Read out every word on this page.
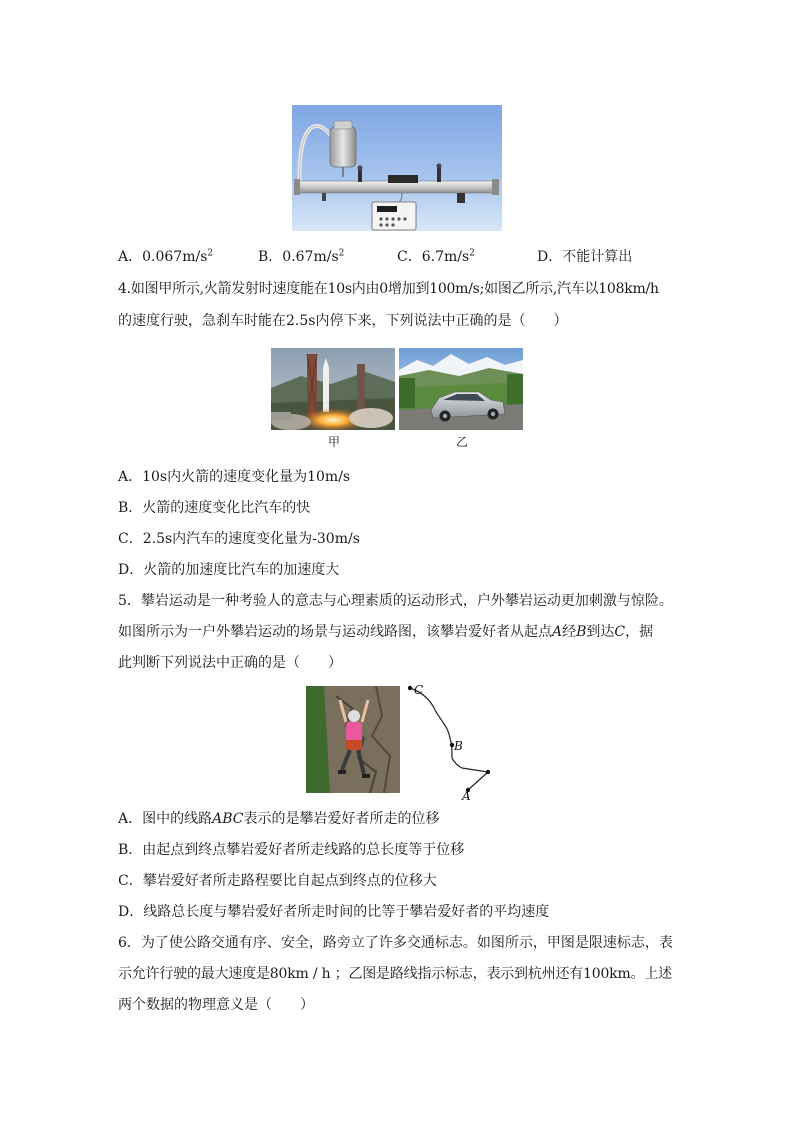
A．$0.067m/s^2$	B．$0.67m/s^2$	C．$6.7m/s^2$	D．不能计算出
4.如图甲所示,火箭发射时速度能在10s内由0增加到100m/s;如图乙所示,汽车以108km/h
的速度行驶，急刹车时能在2.5s内停下来，下列说法中正确的是（　　）
甲	乙
A．10s内火箭的速度变化量为10m/s
B．火箭的速度变化比汽车的快
C．2.5s内汽车的速度变化量为-30m/s
D．火箭的加速度比汽车的加速度大
5．攀岩运动是一种考验人的意志与心理素质的运动形式，户外攀岩运动更加刺激与惊险。
如图所示为一户外攀岩运动的场景与运动线路图，该攀岩爱好者从起点A经B到达C，据
此判断下列说法中正确的是（　　）
C
B
A
A．图中的线路ABC表示的是攀岩爱好者所走的位移
B．由起点到终点攀岩爱好者所走线路的总长度等于位移
C．攀岩爱好者所走路程要比自起点到终点的位移大
D．线路总长度与攀岩爱好者所走时间的比等于攀岩爱好者的平均速度
6．为了使公路交通有序、安全，路旁立了许多交通标志。如图所示，甲图是限速标志，表
示允许行驶的最大速度是80km / h ；乙图是路线指示标志，表示到杭州还有100km。上述
两个数据的物理意义是（　　）
